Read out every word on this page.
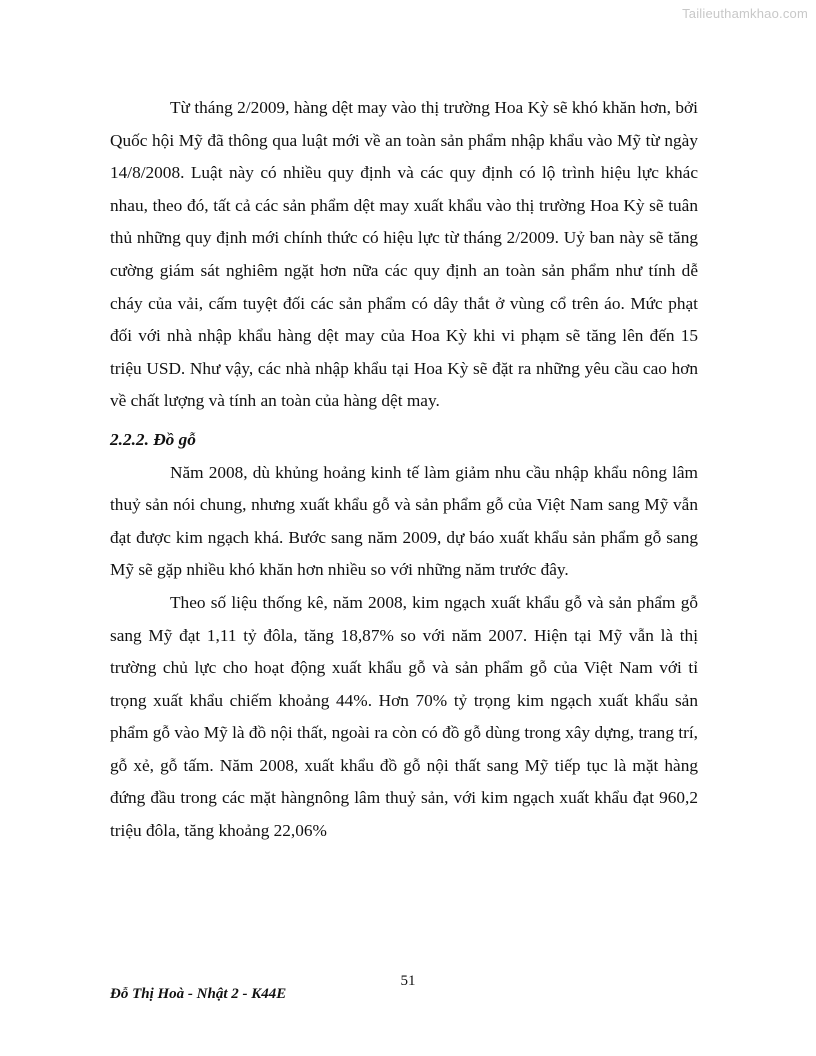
Tailieuthamkhao.com

Từ tháng 2/2009, hàng dệt may vào thị trường Hoa Kỳ sẽ khó khăn hơn, bởi Quốc hội Mỹ đã thông qua luật mới về an toàn sản phẩm nhập khẩu vào Mỹ từ ngày 14/8/2008. Luật này có nhiều quy định và các quy định có lộ trình hiệu lực khác nhau, theo đó, tất cả các sản phẩm dệt may xuất khẩu vào thị trường Hoa Kỳ sẽ tuân thủ những quy định mới chính thức có hiệu lực từ tháng 2/2009. Uỷ ban này sẽ tăng cường giám sát nghiêm ngặt hơn nữa các quy định an toàn sản phẩm như tính dễ cháy của vải, cấm tuyệt đối các sản phẩm có dây thắt ở vùng cổ trên áo. Mức phạt đối với nhà nhập khẩu hàng dệt may của Hoa Kỳ khi vi phạm sẽ tăng lên đến 15 triệu USD. Như vậy, các nhà nhập khẩu tại Hoa Kỳ sẽ đặt ra những yêu cầu cao hơn về chất lượng và tính an toàn của hàng dệt may.

2.2.2. Đồ gỗ

Năm 2008, dù khủng hoảng kinh tế làm giảm nhu cầu nhập khẩu nông lâm thuỷ sản nói chung, nhưng xuất khẩu gỗ và sản phẩm gỗ của Việt Nam sang Mỹ vẫn đạt được kim ngạch khá. Bước sang năm 2009, dự báo xuất khẩu sản phẩm gỗ sang Mỹ sẽ gặp nhiều khó khăn hơn nhiều so với những năm trước đây.

Theo số liệu thống kê, năm 2008, kim ngạch xuất khẩu gỗ và sản phẩm gỗ sang Mỹ đạt 1,11 tỷ đôla, tăng 18,87% so với năm 2007. Hiện tại Mỹ vẫn là thị trường chủ lực cho hoạt động xuất khẩu gỗ và sản phẩm gỗ của Việt Nam với tỉ trọng xuất khẩu chiếm khoảng 44%. Hơn 70% tỷ trọng kim ngạch xuất khẩu sản phẩm gỗ vào Mỹ là đồ nội thất, ngoài ra còn có đồ gỗ dùng trong xây dựng, trang trí, gỗ xẻ, gỗ tấm. Năm 2008, xuất khẩu đồ gỗ nội thất sang Mỹ tiếp tục là mặt hàng đứng đầu trong các mặt hàngnông lâm thuỷ sản, với kim ngạch xuất khẩu đạt 960,2 triệu đôla, tăng khoảng 22,06%

51
Đỗ Thị Hoà - Nhật 2 - K44E
